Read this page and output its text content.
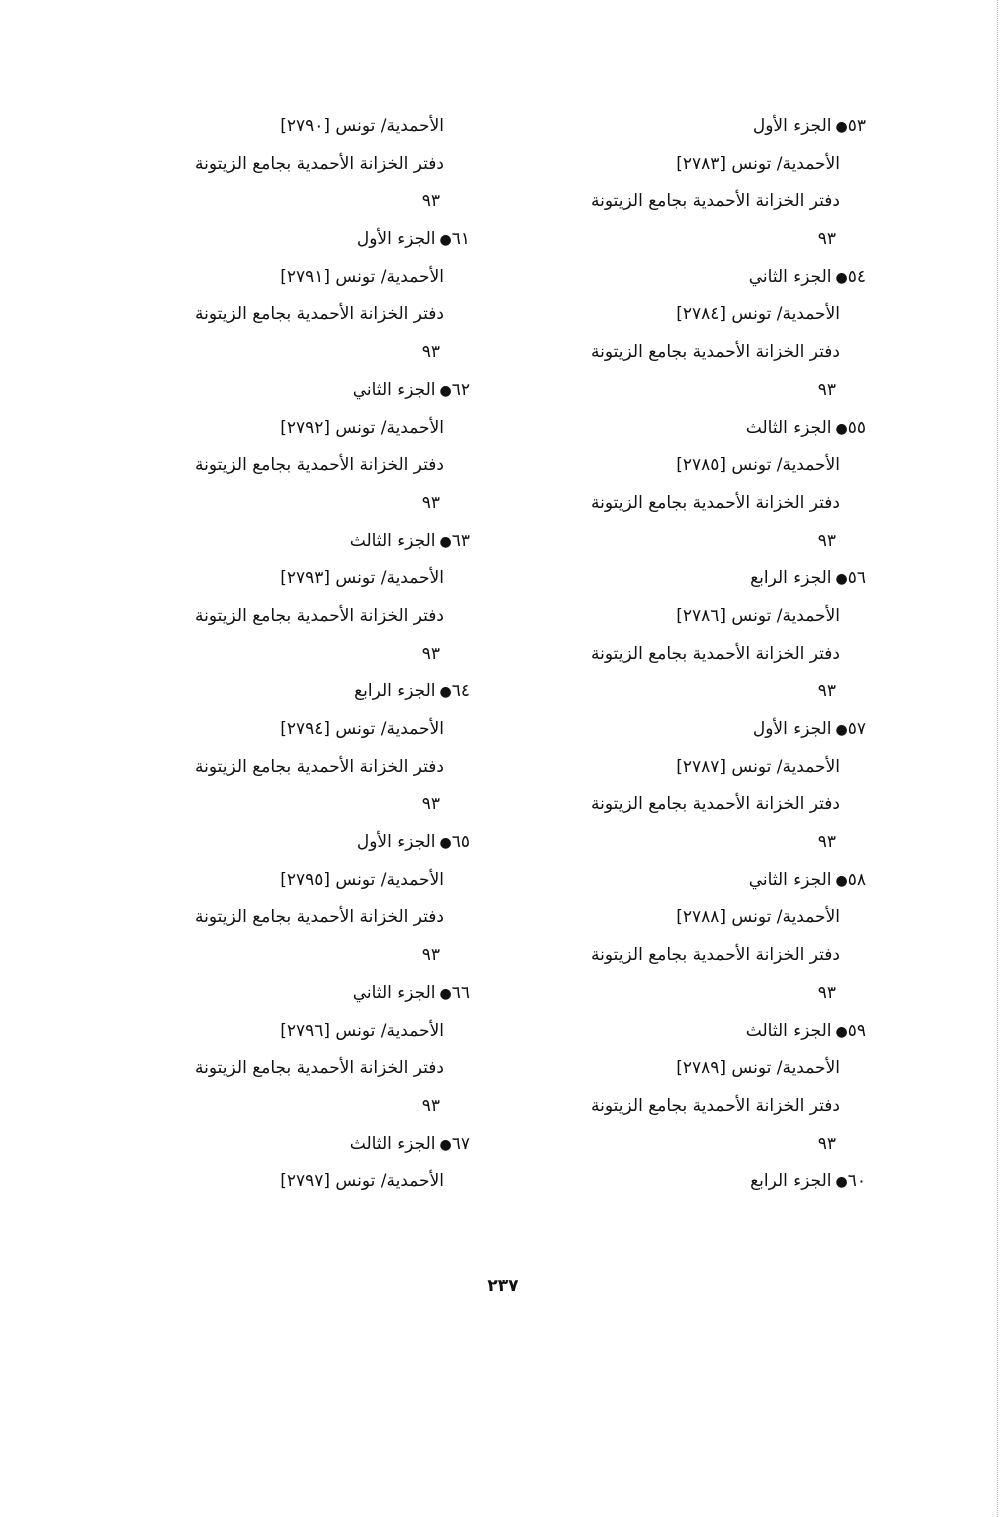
٥٣●الجزء الأول
الأحمدية/ تونس [٢٧٨٣]
دفتر الخزانة الأحمدية بجامع الزيتونة
٩٣
٥٤●الجزء الثاني
الأحمدية/ تونس [٢٧٨٤]
دفتر الخزانة الأحمدية بجامع الزيتونة
٩٣
٥٥●الجزء الثالث
الأحمدية/ تونس [٢٧٨٥]
دفتر الخزانة الأحمدية بجامع الزيتونة
٩٣
٥٦●الجزء الرابع
الأحمدية/ تونس [٢٧٨٦]
دفتر الخزانة الأحمدية بجامع الزيتونة
٩٣
٥٧●الجزء الأول
الأحمدية/ تونس [٢٧٨٧]
دفتر الخزانة الأحمدية بجامع الزيتونة
٩٣
٥٨●الجزء الثاني
الأحمدية/ تونس [٢٧٨٨]
دفتر الخزانة الأحمدية بجامع الزيتونة
٩٣
٥٩●الجزء الثالث
الأحمدية/ تونس [٢٧٨٩]
دفتر الخزانة الأحمدية بجامع الزيتونة
٩٣
٦٠●الجزء الرابع
الأحمدية/ تونس [٢٧٩٠]
دفتر الخزانة الأحمدية بجامع الزيتونة
٩٣
٦١●الجزء الأول
الأحمدية/ تونس [٢٧٩١]
دفتر الخزانة الأحمدية بجامع الزيتونة
٩٣
٦٢●الجزء الثاني
الأحمدية/ تونس [٢٧٩٢]
دفتر الخزانة الأحمدية بجامع الزيتونة
٩٣
٦٣●الجزء الثالث
الأحمدية/ تونس [٢٧٩٣]
دفتر الخزانة الأحمدية بجامع الزيتونة
٩٣
٦٤●الجزء الرابع
الأحمدية/ تونس [٢٧٩٤]
دفتر الخزانة الأحمدية بجامع الزيتونة
٩٣
٦٥●الجزء الأول
الأحمدية/ تونس [٢٧٩٥]
دفتر الخزانة الأحمدية بجامع الزيتونة
٩٣
٦٦●الجزء الثاني
الأحمدية/ تونس [٢٧٩٦]
دفتر الخزانة الأحمدية بجامع الزيتونة
٩٣
٦٧●الجزء الثالث
الأحمدية/ تونس [٢٧٩٧]
٢٣٧
